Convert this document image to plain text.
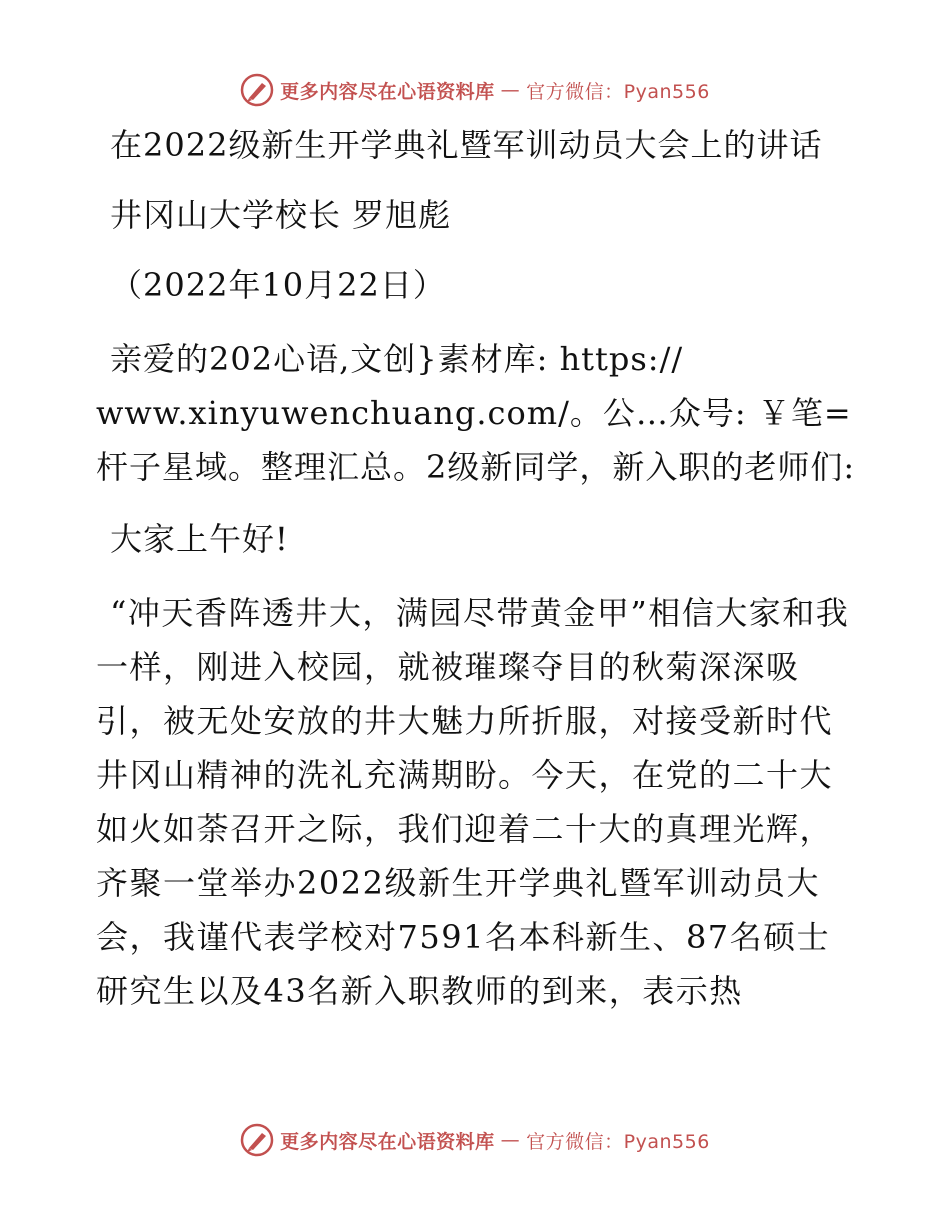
更多内容尽在心语资料库 — 官方微信：Pyan556

在2022级新生开学典礼暨军训动员大会上的讲话

井冈山大学校长 罗旭彪

（2022年10月22日）

亲爱的202心语,文创}素材库: https:// www.xinyuwenchuang.com/。公…众号: ￥笔=杆子星域。整理汇总。2级新同学，新入职的老师们:

大家上午好!

“冲天香阵透井大，满园尽带黄金甲”相信大家和我一样，刚进入校园，就被璀璨夺目的秋菊深深吸引，被无处安放的井大魅力所折服，对接受新时代井冈山精神的洗礼充满期盼。今天，在党的二十大如火如荼召开之际，我们迎着二十大的真理光辉，齐聚一堂举办2022级新生开学典礼暨军训动员大会，我谨代表学校对7591名本科新生、87名硕士研究生以及43名新入职教师的到来，表示热

更多内容尽在心语资料库 — 官方微信：Pyan556
